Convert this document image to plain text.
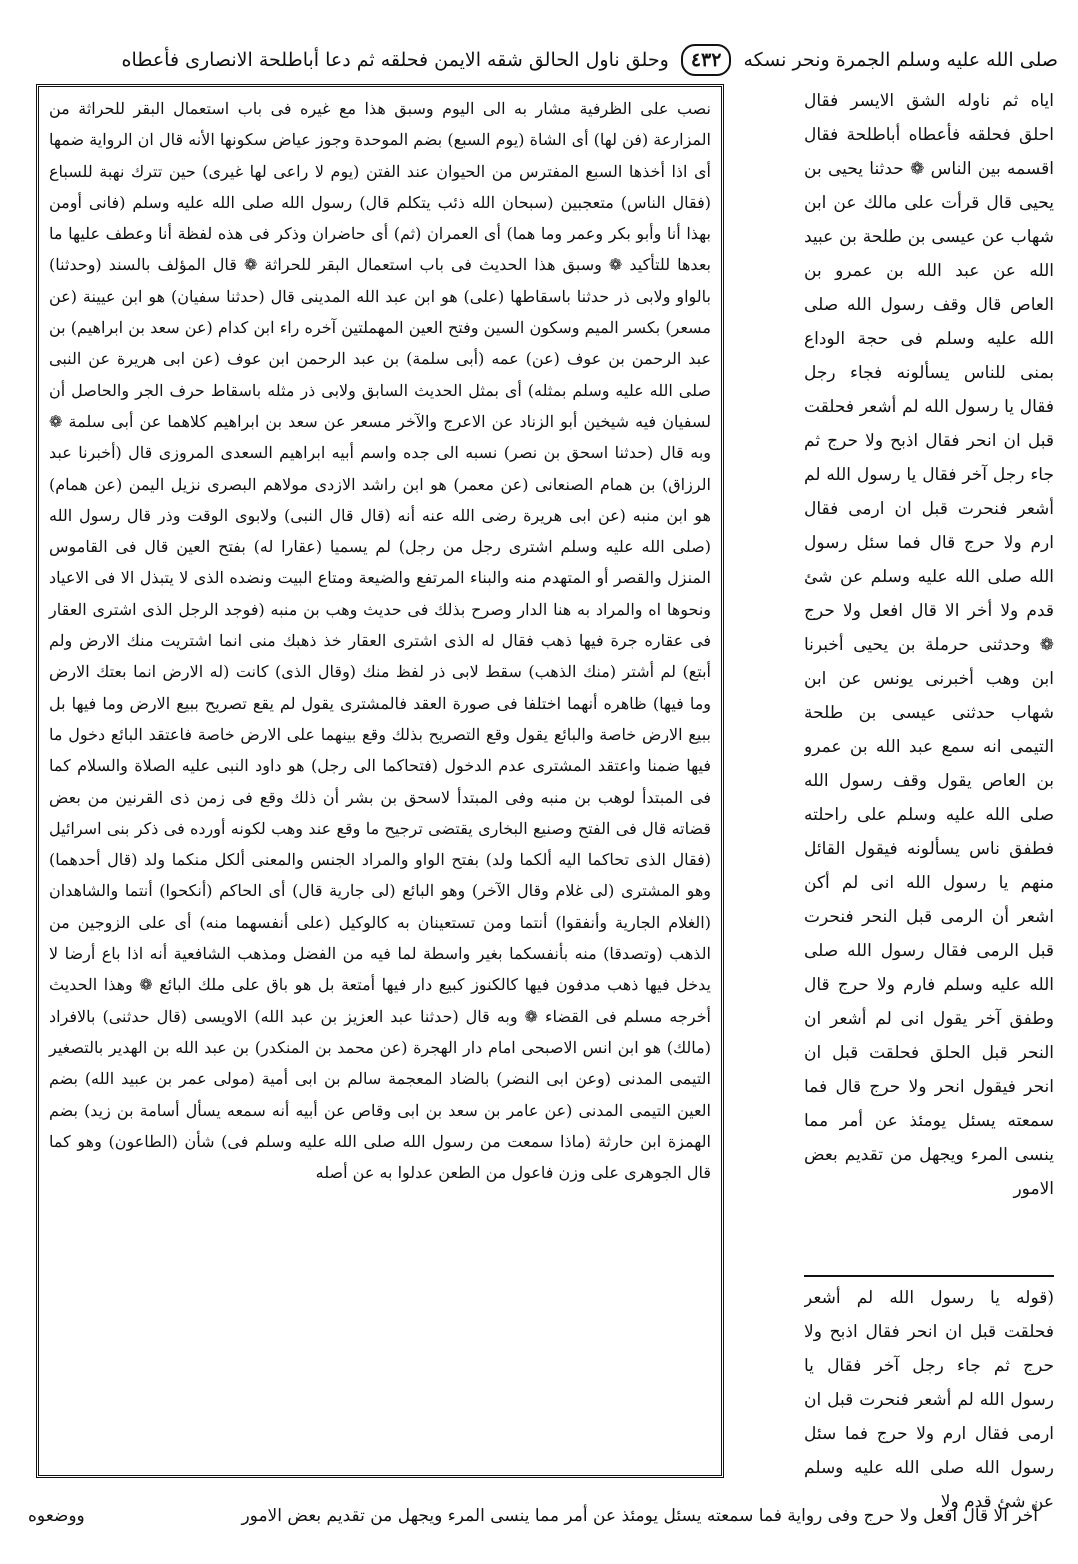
صلى الله عليه وسلم الجمرة ونحر نسكه ٤٣٢ وحلق ناول الحالق شقه الايمن فحلقه ثم دعا أباطلحة الانصارى فأعطاه

اياه ثم ناوله الشق الايسر فقال احلق فحلقه فأعطاه أباطلحة فقال اقسمه بين الناس ❁ حدثنا يحيى بن يحيى قال قرأت على مالك عن ابن شهاب عن عيسى بن طلحة بن عبيد الله عن عبد الله بن عمرو بن العاص قال وقف رسول الله صلى الله عليه وسلم فى حجة الوداع بمنى للناس يسألونه فجاء رجل فقال يا رسول الله لم أشعر فحلقت قبل ان انحر فقال اذبح ولا حرج ثم جاء رجل آخر فقال يا رسول الله لم أشعر فنحرت قبل ان ارمى فقال ارم ولا حرج قال فما سئل رسول الله صلى الله عليه وسلم عن شئ قدم ولا أخر الا قال افعل ولا حرج ❁ وحدثنى حرملة بن يحيى أخبرنا ابن وهب أخبرنى يونس عن ابن شهاب حدثنى عيسى بن طلحة التيمى انه سمع عبد الله بن عمرو بن العاص يقول وقف رسول الله صلى الله عليه وسلم على راحلته فطفق ناس يسألونه فيقول القائل منهم يا رسول الله انى لم أكن اشعر أن الرمى قبل النحر فنحرت قبل الرمى فقال رسول الله صلى الله عليه وسلم فارم ولا حرج قال وطفق آخر يقول انى لم أشعر ان النحر قبل الحلق فحلقت قبل ان انحر فيقول انحر ولا حرج قال فما سمعته يسئل يومئذ عن أمر مما ينسى المرء ويجهل من تقديم بعض الامور

(قوله يا رسول الله لم أشعر فحلقت قبل ان انحر فقال اذبح ولا حرج ثم جاء رجل آخر فقال يا رسول الله لم أشعر فنحرت قبل ان ارمى فقال ارم ولا حرج فما سئل رسول الله صلى الله عليه وسلم عن شئ قدم ولا

نصب على الظرفية مشار به الى اليوم وسبق هذا مع غيره فى باب استعمال البقر للحراثة من المزارعة (فن لها) أى الشاة (يوم السبع) بضم الموحدة وجوز عياض سكونها الأنه قال ان الرواية ضمها أى اذا أخذها السبع المفترس من الحيوان عند الفتن (يوم لا راعى لها غيرى) حين تترك نهبة للسباع (فقال الناس) متعجبين (سبحان الله ذئب يتكلم قال) رسول الله صلى الله عليه وسلم (فانى أومن بهذا أنا وأبو بكر وعمر وما هما) أى العمران (ثم) أى حاضران وذكر فى هذه لفظة أنا وعطف عليها ما بعدها للتأكيد ❁ وسبق هذا الحديث فى باب استعمال البقر للحراثة ❁ قال المؤلف بالسند (وحدثنا) بالواو ولابى ذر حدثنا باسقاطها (على) هو ابن عبد الله المدينى قال (حدثنا سفيان) هو ابن عيينة (عن مسعر) بكسر الميم وسكون السين وفتح العين المهملتين آخره راء ابن كدام (عن سعد بن ابراهيم) بن عبد الرحمن بن عوف (عن) عمه (أبى سلمة) بن عبد الرحمن ابن عوف (عن ابى هريرة عن النبى صلى الله عليه وسلم بمثله) أى بمثل الحديث السابق ولابى ذر مثله باسقاط حرف الجر والحاصل أن لسفيان فيه شيخين أبو الزناد عن الاعرج والآخر مسعر عن سعد بن ابراهيم كلاهما عن أبى سلمة ❁ وبه قال (حدثنا اسحق بن نصر) نسبه الى جده واسم أبيه ابراهيم السعدى المروزى قال (أخبرنا عبد الرزاق) بن همام الصنعانى (عن معمر) هو ابن راشد الازدى مولاهم البصرى نزيل اليمن (عن همام) هو ابن منبه (عن ابى هريرة رضى الله عنه أنه (قال قال النبى) ولابوى الوقت وذر قال رسول الله (صلى الله عليه وسلم اشترى رجل من رجل) لم يسميا (عقارا له) بفتح العين قال فى القاموس المنزل والقصر أو المتهدم منه والبناء المرتفع والضيعة ومتاع البيت ونضده الذى لا يتبذل الا فى الاعياد ونحوها اه والمراد به هنا الدار وصرح بذلك فى حديث وهب بن منبه (فوجد الرجل الذى اشترى العقار فى عقاره جرة فيها ذهب فقال له الذى اشترى العقار خذ ذهبك منى انما اشتريت منك الارض ولم أبتع) لم أشتر (منك الذهب) سقط لابى ذر لفظ منك (وقال الذى) كانت (له الارض انما بعتك الارض وما فيها) ظاهره أنهما اختلفا فى صورة العقد فالمشترى يقول لم يقع تصريح ببيع الارض وما فيها بل ببيع الارض خاصة والبائع يقول وقع التصريح بذلك وقع بينهما على الارض خاصة فاعتقد البائع دخول ما فيها ضمنا واعتقد المشترى عدم الدخول (فتحاكما الى رجل) هو داود النبى عليه الصلاة والسلام كما فى المبتدأ لوهب بن منبه وفى المبتدأ لاسحق بن بشر أن ذلك وقع فى زمن ذى القرنين من بعض قضاته قال فى الفتح وصنيع البخارى يقتضى ترجيح ما وقع عند وهب لكونه أورده فى ذكر بنى اسرائيل (فقال الذى تحاكما اليه ألكما ولد) بفتح الواو والمراد الجنس والمعنى ألكل منكما ولد (قال أحدهما) وهو المشترى (لى غلام وقال الآخر) وهو البائع (لى جارية قال) أى الحاكم (أنكحوا) أنتما والشاهدان (الغلام الجارية وأنفقوا) أنتما ومن تستعينان به كالوكيل (على أنفسهما منه) أى على الزوجين من الذهب (وتصدقا) منه بأنفسكما بغير واسطة لما فيه من الفضل ومذهب الشافعية أنه اذا باع أرضا لا يدخل فيها ذهب مدفون فيها كالكنوز كبيع دار فيها أمتعة بل هو باق على ملك البائع ❁ وهذا الحديث أخرجه مسلم فى القضاء ❁ وبه قال (حدثنا عبد العزيز بن عبد الله) الاويسى (قال حدثنى) بالافراد (مالك) هو ابن انس الاصبحى امام دار الهجرة (عن محمد بن المنكدر) بن عبد الله بن الهدير بالتصغير التيمى المدنى (وعن ابى النضر) بالضاد المعجمة سالم بن ابى أمية (مولى عمر بن عبيد الله) بضم العين التيمى المدنى (عن عامر بن سعد بن ابى وقاص عن أبيه أنه سمعه يسأل أسامة بن زيد) بضم الهمزة ابن حارثة (ماذا سمعت من رسول الله صلى الله عليه وسلم فى) شأن (الطاعون) وهو كما قال الجوهرى على وزن فاعول من الطعن عدلوا به عن أصله

أخر الا قال افعل ولا حرج وفى رواية فما سمعته يسئل يومئذ عن أمر مما ينسى المرء ويجهل من تقديم بعض الامور
ووضعوه
